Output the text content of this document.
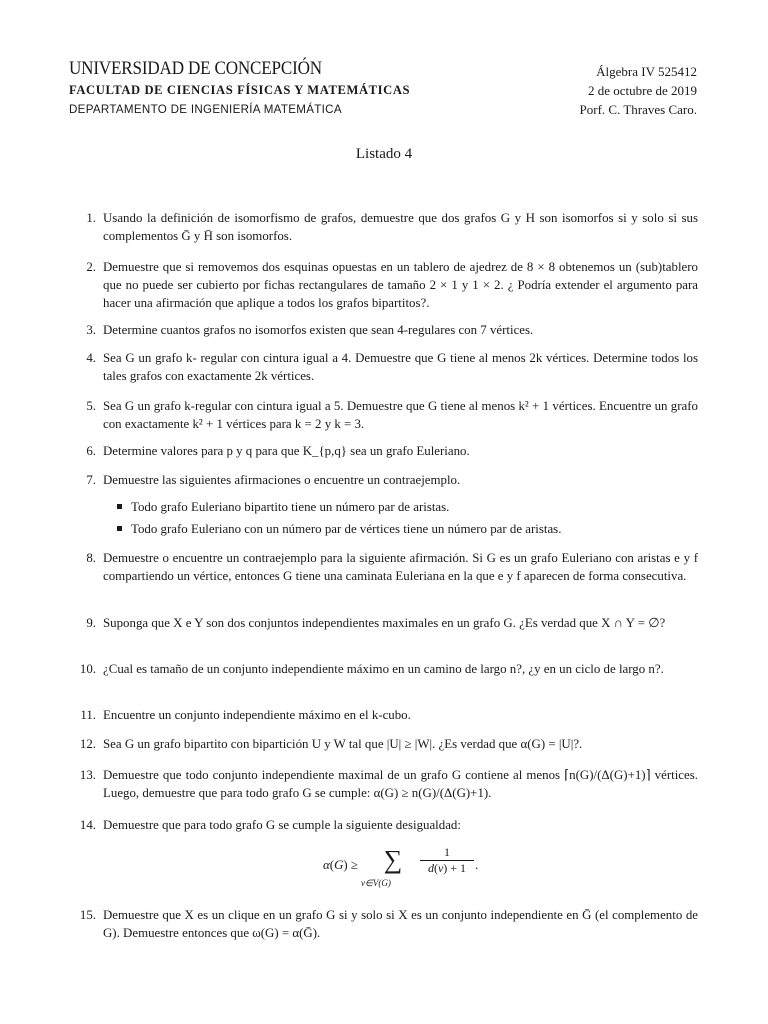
UNIVERSIDAD DE CONCEPCIÓN
FACULTAD DE CIENCIAS FÍSICAS Y MATEMÁTICAS
DEPARTAMENTO DE INGENIERÍA MATEMÁTICA
Álgebra IV 525412
2 de octubre de 2019
Porf. C. Thraves Caro.
Listado 4
1. Usando la definición de isomorfismo de grafos, demuestre que dos grafos G y H son isomorfos si y solo si sus complementos Ḡ y H̄ son isomorfos.
2. Demuestre que si removemos dos esquinas opuestas en un tablero de ajedrez de 8 × 8 obtenemos un (sub)tablero que no puede ser cubierto por fichas rectangulares de tamaño 2 × 1 y 1 × 2. ¿ Podría extender el argumento para hacer una afirmación que aplique a todos los grafos bipartitos?.
3. Determine cuantos grafos no isomorfos existen que sean 4-regulares con 7 vértices.
4. Sea G un grafo k- regular con cintura igual a 4. Demuestre que G tiene al menos 2k vértices. Determine todos los tales grafos con exactamente 2k vértices.
5. Sea G un grafo k-regular con cintura igual a 5. Demuestre que G tiene al menos k² + 1 vértices. Encuentre un grafo con exactamente k² + 1 vértices para k = 2 y k = 3.
6. Determine valores para p y q para que K_{p,q} sea un grafo Euleriano.
7. Demuestre las siguientes afirmaciones o encuentre un contraejemplo.

Todo grafo Euleriano bipartito tiene un número par de aristas.
Todo grafo Euleriano con un número par de vértices tiene un número par de aristas.
8. Demuestre o encuentre un contraejemplo para la siguiente afirmación. Si G es un grafo Euleriano con aristas e y f compartiendo un vértice, entonces G tiene una caminata Euleriana en la que e y f aparecen de forma consecutiva.
9. Suponga que X e Y son dos conjuntos independientes maximales en un grafo G. ¿Es verdad que X ∩ Y = ∅?
10. ¿Cual es tamaño de un conjunto independiente máximo en un camino de largo n?, ¿y en un ciclo de largo n?.
11. Encuentre un conjunto independiente máximo en el k-cubo.
12. Sea G un grafo bipartito con bipartición U y W tal que |U| ≥ |W|. ¿Es verdad que α(G) = |U|?.
13. Demuestre que todo conjunto independiente maximal de un grafo G contiene al menos ⌈n(G)/(Δ(G)+1)⌉ vértices. Luego, demuestre que para todo grafo G se cumple: α(G) ≥ n(G)/(Δ(G)+1).
14. Demuestre que para todo grafo G se cumple la siguiente desigualdad:

α(G) ≥ ∑
v∈V(G)
$\frac{1}{d(v) + 1}$ .
15. Demuestre que X es un clique en un grafo G si y solo si X es un conjunto independiente en Ḡ (el complemento de G). Demuestre entonces que ω(G) = α(Ḡ).
